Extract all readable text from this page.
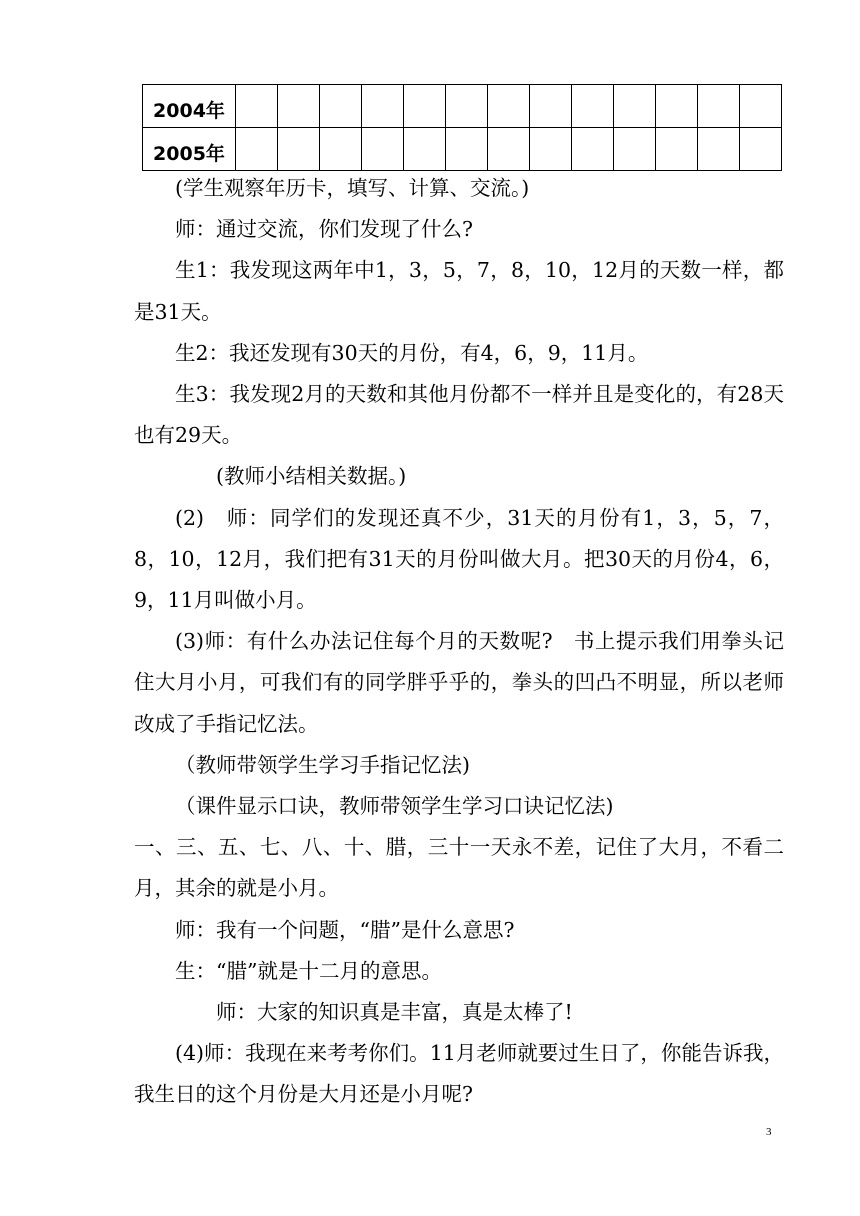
2004年													
2005年													

(学生观察年历卡，填写、计算、交流。)

师：通过交流，你们发现了什么?

生1：我发现这两年中1，3，5，7，8，10，12月的天数一样，都是31天。

生2：我还发现有30天的月份，有4，6，9，11月。

生3：我发现2月的天数和其他月份都不一样并且是变化的，有28天也有29天。

(教师小结相关数据。)

(2)   师：同学们的发现还真不少，31天的月份有1，3，5，7，8，10，12月，我们把有31天的月份叫做大月。把30天的月份4，6，9，11月叫做小月。

(3)师：有什么办法记住每个月的天数呢?   书上提示我们用拳头记住大月小月，可我们有的同学胖乎乎的，拳头的凹凸不明显，所以老师改成了手指记忆法。

（教师带领学生学习手指记忆法)

（课件显示口诀，教师带领学生学习口诀记忆法)

一、三、五、七、八、十、腊，三十一天永不差，记住了大月，不看二月，其余的就是小月。

师：我有一个问题，“腊”是什么意思?

生：“腊”就是十二月的意思。

师：大家的知识真是丰富，真是太棒了!

(4)师：我现在来考考你们。11月老师就要过生日了，你能告诉我，我生日的这个月份是大月还是小月呢?

3
